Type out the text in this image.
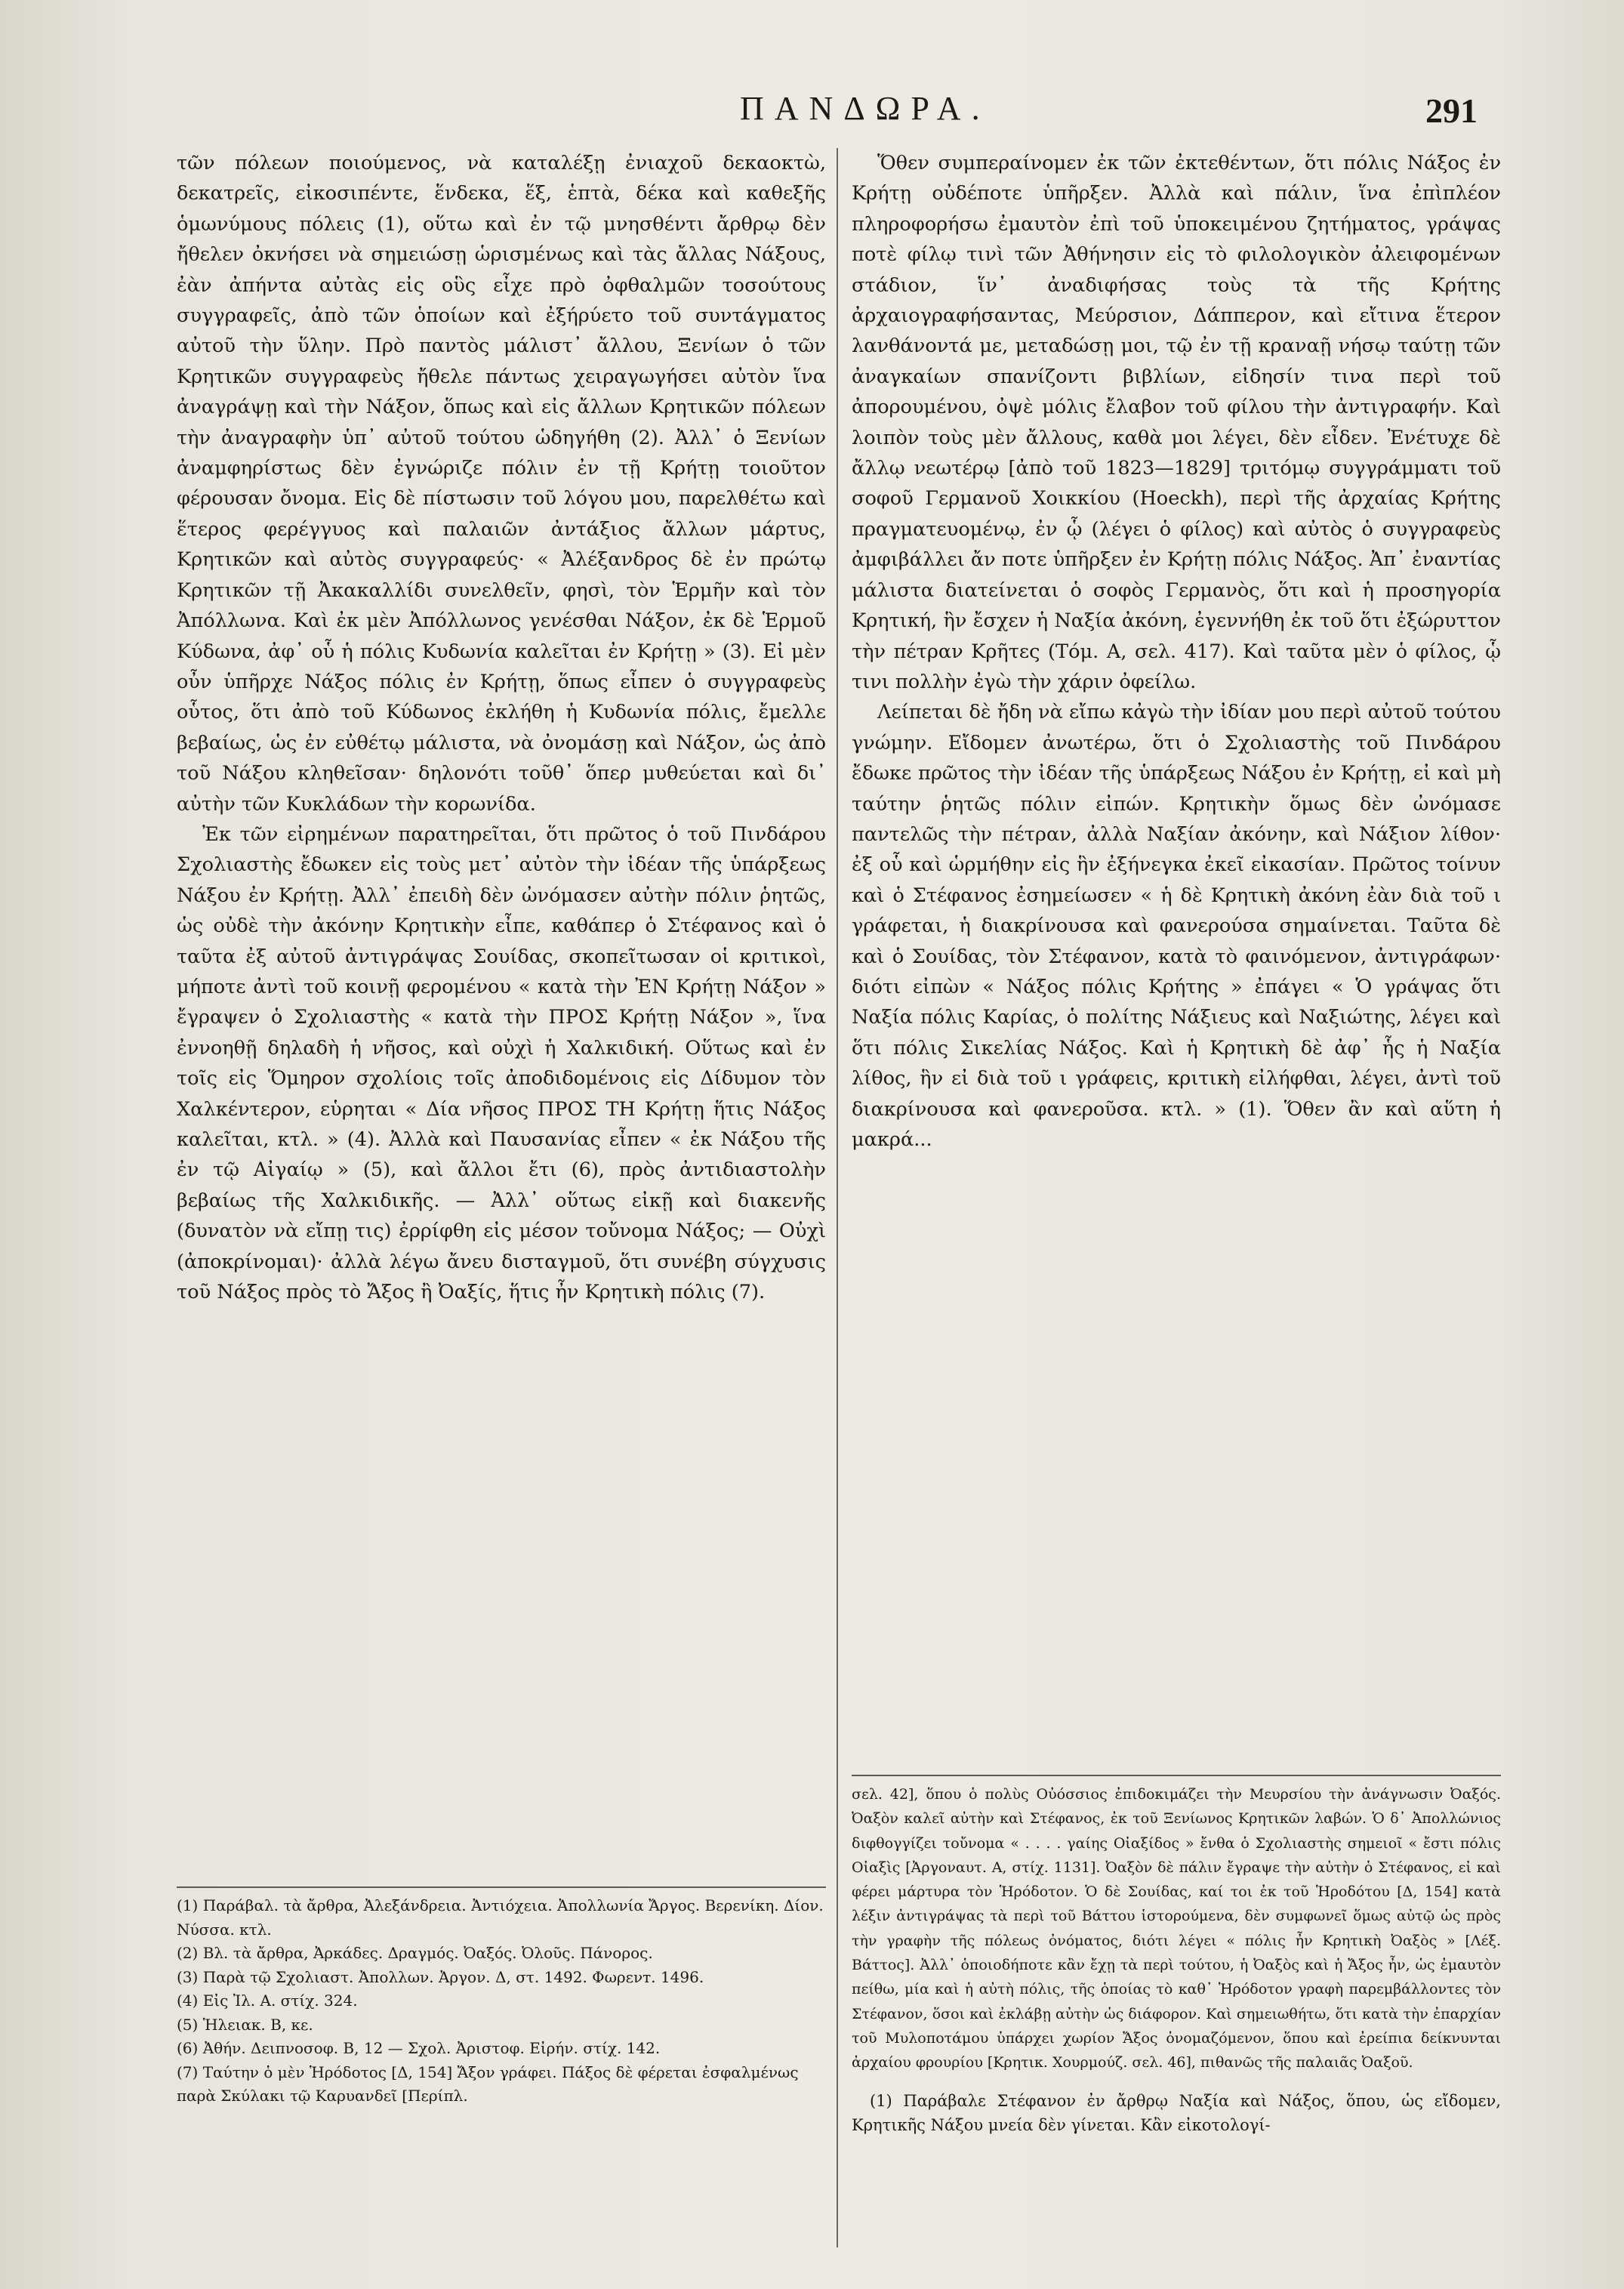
ΠΑΝΔΩΡΑ.	291

τῶν πόλεων ποιούμενος, νὰ καταλέξῃ ἐνιαχοῦ δεκαοκτὼ, δεκατρεῖς, εἰκοσιπέντε, ἕνδεκα, ἕξ, ἑπτὰ, δέκα καὶ καθεξῆς ὁμωνύμους πόλεις (1), οὕτω καὶ ἐν τῷ μνησθέντι ἄρθρῳ δὲν ἤθελεν ὀκνήσει νὰ σημειώσῃ ὡρισμένως καὶ τὰς ἄλλας Νάξους, ἐὰν ἀπήντα αὐτὰς εἰς οὓς εἶχε πρὸ ὀφθαλμῶν τοσούτους συγγραφεῖς, ἀπὸ τῶν ὁποίων καὶ ἐξήρύετο τοῦ συντάγματος αὐτοῦ τὴν ὕλην. Πρὸ παντὸς μάλιστ᾽ ἄλλου, Ξενίων ὁ τῶν Κρητικῶν συγγραφεὺς ἤθελε πάντως χειραγωγήσει αὐτὸν ἵνα ἀναγράψῃ καὶ τὴν Νάξον, ὅπως καὶ εἰς ἄλλων Κρητικῶν πόλεων τὴν ἀναγραφὴν ὑπ᾽ αὐτοῦ τούτου ὡδηγήθη (2). Ἀλλ᾽ ὁ Ξενίων ἀναμφηρίστως δὲν ἐγνώριζε πόλιν ἐν τῇ Κρήτῃ τοιοῦτον φέρουσαν ὄνομα. Εἰς δὲ πίστωσιν τοῦ λόγου μου, παρελθέτω καὶ ἕτερος φερέγγυος καὶ παλαιῶν ἀντάξιος ἄλλων μάρτυς, Κρητικῶν καὶ αὐτὸς συγγραφεύς· « Ἀλέξανδρος δὲ ἐν πρώτῳ Κρητικῶν τῇ Ἀκακαλλίδι συνελθεῖν, φησὶ, τὸν Ἑρμῆν καὶ τὸν Ἀπόλλωνα. Καὶ ἐκ μὲν Ἀπόλλωνος γενέσθαι Νάξον, ἐκ δὲ Ἑρμοῦ Κύδωνα, ἀφ᾽ οὗ ἡ πόλις Κυδωνία καλεῖται ἐν Κρήτῃ » (3). Εἰ μὲν οὖν ὑπῆρχε Νάξος πόλις ἐν Κρήτῃ, ὅπως εἶπεν ὁ συγγραφεὺς οὗτος, ὅτι ἀπὸ τοῦ Κύδωνος ἐκλήθη ἡ Κυδωνία πόλις, ἔμελλε βεβαίως, ὡς ἐν εὐθέτῳ μάλιστα, νὰ ὀνομάσῃ καὶ Νάξον, ὡς ἀπὸ τοῦ Νάξου κληθεῖσαν· δηλονότι τοῦθ᾽ ὅπερ μυθεύεται καὶ δι᾽ αὐτὴν τῶν Κυκλάδων τὴν κορωνίδα.

Ἐκ τῶν εἰρημένων παρατηρεῖται, ὅτι πρῶτος ὁ τοῦ Πινδάρου Σχολιαστὴς ἔδωκεν εἰς τοὺς μετ᾽ αὐτὸν τὴν ἰδέαν τῆς ὑπάρξεως Νάξου ἐν Κρήτῃ. Ἀλλ᾽ ἐπειδὴ δὲν ὠνόμασεν αὐτὴν πόλιν ῥητῶς, ὡς οὐδὲ τὴν ἀκόνην Κρητικὴν εἶπε, καθάπερ ὁ Στέφανος καὶ ὁ ταῦτα ἐξ αὐτοῦ ἀντιγράψας Σουίδας, σκοπεῖτωσαν οἱ κριτικοὶ, μήποτε ἀντὶ τοῦ κοινῇ φερομένου « κατὰ τὴν ἘΝ Κρήτῃ Νάξον » ἔγραψεν ὁ Σχολιαστὴς « κατὰ τὴν ΠΡΟΣ Κρήτῃ Νάξον », ἵνα ἐννοηθῇ δηλαδὴ ἡ νῆσος, καὶ οὐχὶ ἡ Χαλκιδική. Οὕτως καὶ ἐν τοῖς εἰς Ὅμηρον σχολίοις τοῖς ἀποδιδομένοις εἰς Δίδυμον τὸν Χαλκέντερον, εὑρηται « Δία νῆσος ΠΡΟΣ ΤΗ Κρήτῃ ἥτις Νάξος καλεῖται, κτλ. » (4). Ἀλλὰ καὶ Παυσανίας εἶπεν « ἐκ Νάξου τῆς ἐν τῷ Αἰγαίῳ » (5), καὶ ἄλλοι ἔτι (6), πρὸς ἀντιδιαστολὴν βεβαίως τῆς Χαλκιδικῆς. — Ἀλλ᾽ οὕτως εἰκῇ καὶ διακενῆς (δυνατὸν νὰ εἴπῃ τις) ἐρρίφθη εἰς μέσον τοὔνομα Νάξος; — Οὐχὶ (ἀποκρίνομαι)· ἀλλὰ λέγω ἄνευ δισταγμοῦ, ὅτι συνέβη σύγχυσις τοῦ Νάξος πρὸς τὸ Ἄξος ἢ Ὀαξίς, ἥτις ἦν Κρητικὴ πόλις (7).

Ὅθεν συμπεραίνομεν ἐκ τῶν ἐκτεθέντων, ὅτι πόλις Νάξος ἐν Κρήτῃ οὐδέποτε ὑπῆρξεν. Ἀλλὰ καὶ πάλιν, ἵνα ἐπὶπλέον πληροφορήσω ἐμαυτὸν ἐπὶ τοῦ ὑποκειμένου ζητήματος, γράψας ποτὲ φίλῳ τινὶ τῶν Ἀθήνησιν εἰς τὸ φιλολογικὸν ἀλειφομένων στάδιον, ἵν᾽ ἀναδιφήσας τοὺς τὰ τῆς Κρήτης ἀρχαιογραφήσαντας, Μεύρσιον, Δάππερον, καὶ εἴτινα ἕτερον λανθάνοντά με, μεταδώσῃ μοι, τῷ ἐν τῇ κραναῇ νήσῳ ταύτῃ τῶν ἀναγκαίων σπανίζοντι βιβλίων, εἰδησίν τινα περὶ τοῦ ἀπορουμένου, ὀψὲ μόλις ἔλαβον τοῦ φίλου τὴν ἀντιγραφήν. Καὶ λοιπὸν τοὺς μὲν ἄλλους, καθὰ μοι λέγει, δὲν εἶδεν. Ἐνέτυχε δὲ ἄλλῳ νεωτέρῳ [ἀπὸ τοῦ 1823—1829] τριτόμῳ συγγράμματι τοῦ σοφοῦ Γερμανοῦ Χοικκίου (Hoeckh), περὶ τῆς ἀρχαίας Κρήτης πραγματευομένῳ, ἐν ᾧ (λέγει ὁ φίλος) καὶ αὐτὸς ὁ συγγραφεὺς ἀμφιβάλλει ἄν ποτε ὑπῆρξεν ἐν Κρήτῃ πόλις Νάξος. Ἀπ᾽ ἐναντίας μάλιστα διατείνεται ὁ σοφὸς Γερμανὸς, ὅτι καὶ ἡ προσηγορία Κρητική, ἣν ἔσχεν ἡ Ναξία ἀκόνη, ἐγεννήθη ἐκ τοῦ ὅτι ἐξώρυττον τὴν πέτραν Κρῆτες (Τόμ. Α, σελ. 417). Καὶ ταῦτα μὲν ὁ φίλος, ᾧ τινι πολλὴν ἐγὼ τὴν χάριν ὀφείλω.

Λείπεται δὲ ἤδη νὰ εἴπω κἀγὼ τὴν ἰδίαν μου περὶ αὐτοῦ τούτου γνώμην. Εἴδομεν ἀνωτέρω, ὅτι ὁ Σχολιαστὴς τοῦ Πινδάρου ἔδωκε πρῶτος τὴν ἰδέαν τῆς ὑπάρξεως Νάξου ἐν Κρήτῃ, εἰ καὶ μὴ ταύτην ῥητῶς πόλιν εἰπών. Κρητικὴν ὅμως δὲν ὠνόμασε παντελῶς τὴν πέτραν, ἀλλὰ Ναξίαν ἀκόνην, καὶ Νάξιον λίθον· ἐξ οὗ καὶ ὡρμήθην εἰς ἣν ἐξήνεγκα ἐκεῖ εἰκασίαν. Πρῶτος τοίνυν καὶ ὁ Στέφανος ἐσημείωσεν « ἡ δὲ Κρητικὴ ἀκόνη ἐὰν διὰ τοῦ ι γράφεται, ἡ διακρίνουσα καὶ φανερούσα σημαίνεται. Ταῦτα δὲ καὶ ὁ Σουίδας, τὸν Στέφανον, κατὰ τὸ φαινόμενον, ἀντιγράφων· διότι εἰπὼν « Νάξος πόλις Κρήτης » ἐπάγει « Ὁ γράψας ὅτι Ναξία πόλις Καρίας, ὁ πολίτης Νάξιευς καὶ Ναξιώτης, λέγει καὶ ὅτι πόλις Σικελίας Νάξος. Καὶ ἡ Κρητικὴ δὲ ἀφ᾽ ἧς ἡ Ναξία λίθος, ἣν εἰ διὰ τοῦ ι γράφεις, κριτικὴ εἰλήφθαι, λέγει, ἀντὶ τοῦ διακρίνουσα καὶ φανεροῦσα. κτλ. » (1). Ὅθεν ἂν καὶ αὕτη ἡ μακρά...

(1) Παράβαλ. τὰ ἄρθρα, Ἀλεξάνδρεια. Ἀντιόχεια. Ἀπολλωνία Ἄργος. Βερενίκη. Δίον. Νύσσα. κτλ.

(2) Βλ. τὰ ἄρθρα, Ἀρκάδες. Δραγμός. Ὀαξός. Ὀλοῦς. Πάνορος.

(3) Παρὰ τῷ Σχολιαστ. Ἀπολλων. Ἀργον. Δ, στ. 1492. Φωρενт. 1496.

(4) Εἰς Ἰλ. Α. στίχ. 324.

(5) Ἡλειακ. Β, κε.

(6) Ἀθήν. Δειπνοσοφ. Β, 12 — Σχολ. Ἀριστοφ. Εἰρήν. στίχ. 142.

(7) Ταύτην ὁ μὲν Ἡρόδοτος [Δ, 154] Ἄξον γράφει. Πάξος δὲ φέρεται ἐσφαλμένως παρὰ Σκύλακι τῷ Καρυανδεῖ [Περίπλ.

σελ. 42], ὅπου ὁ πολὺς Οὐόσσιος ἐπιδοκιμάζει τὴν Μευρσίου τὴν ἀνάγνωσιν Ὀαξός. Ὀαξὸν καλεῖ αὐτὴν καὶ Στέφανος, ἐκ τοῦ Ξενίωνος Κρητικῶν λαβών. Ὁ δ᾽ Ἀπολλώνιος διφθογγίζει τοὔνομα « . . . . γαίης Οἰαξίδος » ἔνθα ὁ Σχολιαστὴς σημειοῖ « ἔστι πόλις Οἰαξὶς [Ἀργοναυτ. Α, στίχ. 1131]. Ὀαξὸν δὲ πάλιν ἔγραψε τὴν αὐτὴν ὁ Στέφανος, εἰ καὶ φέρει μάρτυρα τὸν Ἡρόδοτον. Ὁ δὲ Σουίδας, καί τοι ἐκ τοῦ Ἡροδότου [Δ, 154] κατὰ λέξιν ἀντιγράψας τὰ περὶ τοῦ Βάττου ἱστορούμενα, δὲν συμφωνεῖ ὅμως αὐτῷ ὡς πρὸς τὴν γραφὴν τῆς πόλεως ὀνόματος, διότι λέγει « πόλις ἦν Κρητικὴ Ὀαξὸς » [Λέξ. Βάττος]. Ἀλλ᾽ ὁποιοδήποτε κἂν ἔχῃ τὰ περὶ τούτου, ἡ Ὀαξὸς καὶ ἡ Ἄξος ἦν, ὡς ἐμαυτὸν πείθω, μία καὶ ἡ αὐτὴ πόλις, τῆς ὁποίας τὸ καθ᾽ Ἡρόδοτον γραφὴ παρεμβάλλοντες τὸν Στέφανον, ὅσοι καὶ ἐκλάβῃ αὐτὴν ὡς διάφορον. Καὶ σημειωθήτω, ὅτι κατὰ τὴν ἐπαρχίαν τοῦ Μυλοποτάμου ὑπάρχει χωρίον Ἄξος ὀνομαζόμενον, ὅπου καὶ ἐρείπια δείκνυνται ἀρχαίου φρουρίου [Κρητικ. Χουρμούζ. σελ. 46], πιθανῶς τῆς παλαιᾶς Ὀαξοῦ.

(1) Παράβαλε Στέφανον ἐν ἄρθρῳ Ναξία καὶ Νάξος, ὅπου, ὡς εἴδομεν, Κρητικῆς Νάξου μνεία δὲν γίνεται. Κἂν εἰκοτολογί-
